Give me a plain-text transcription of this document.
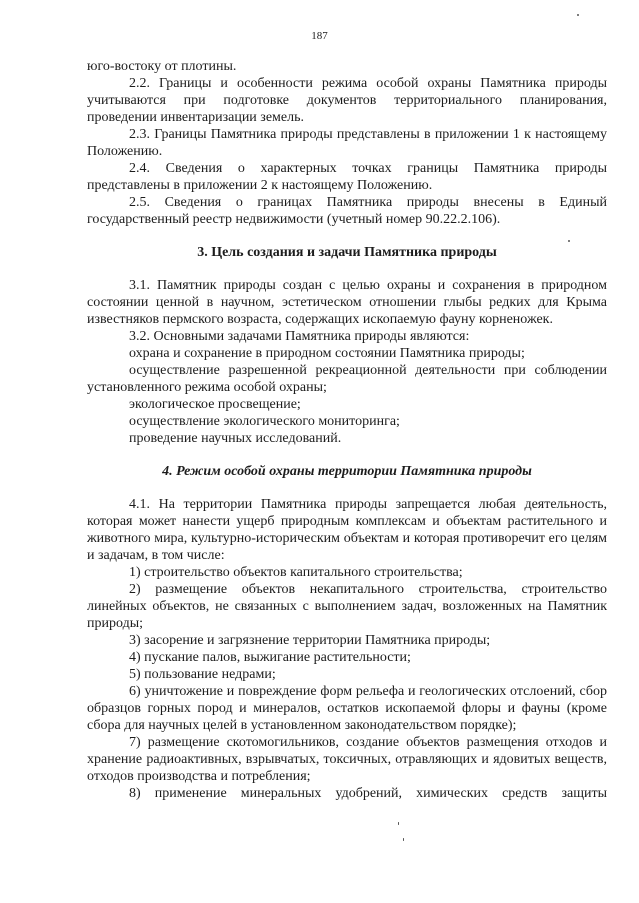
187

юго-востоку от плотины.

2.2. Границы и особенности режима особой охраны Памятника природы учитываются при подготовке документов территориального планирования, проведении инвентаризации земель.

2.3. Границы Памятника природы представлены в приложении 1 к настоящему Положению.

2.4. Сведения о характерных точках границы Памятника природы представлены в приложении 2 к настоящему Положению.

2.5. Сведения о границах Памятника природы внесены в Единый государственный реестр недвижимости (учетный номер 90.22.2.106).

3. Цель создания и задачи Памятника природы

3.1. Памятник природы создан с целью охраны и сохранения в природном состоянии ценной в научном, эстетическом отношении глыбы редких для Крыма известняков пермского возраста, содержащих ископаемую фауну корненожек.

3.2. Основными задачами Памятника природы являются:

охрана и сохранение в природном состоянии Памятника природы;

осуществление разрешенной рекреационной деятельности при соблюдении установленного режима особой охраны;

экологическое просвещение;

осуществление экологического мониторинга;

проведение научных исследований.

4. Режим особой охраны территории Памятника природы

4.1. На территории Памятника природы запрещается любая деятельность, которая может нанести ущерб природным комплексам и объектам растительного и животного мира, культурно-историческим объектам и которая противоречит его целям и задачам, в том числе:

1) строительство объектов капитального строительства;

2) размещение объектов некапитального строительства, строительство линейных объектов, не связанных с выполнением задач, возложенных на Памятник природы;

3) засорение и загрязнение территории Памятника природы;

4) пускание палов, выжигание растительности;

5) пользование недрами;

6) уничтожение и повреждение форм рельефа и геологических отслоений, сбор образцов горных пород и минералов, остатков ископаемой флоры и фауны (кроме сбора для научных целей в установленном законодательством порядке);

7) размещение скотомогильников, создание объектов размещения отходов и хранение радиоактивных, взрывчатых, токсичных, отравляющих и ядовитых веществ, отходов производства и потребления;

8) применение минеральных удобрений, химических средств защиты
